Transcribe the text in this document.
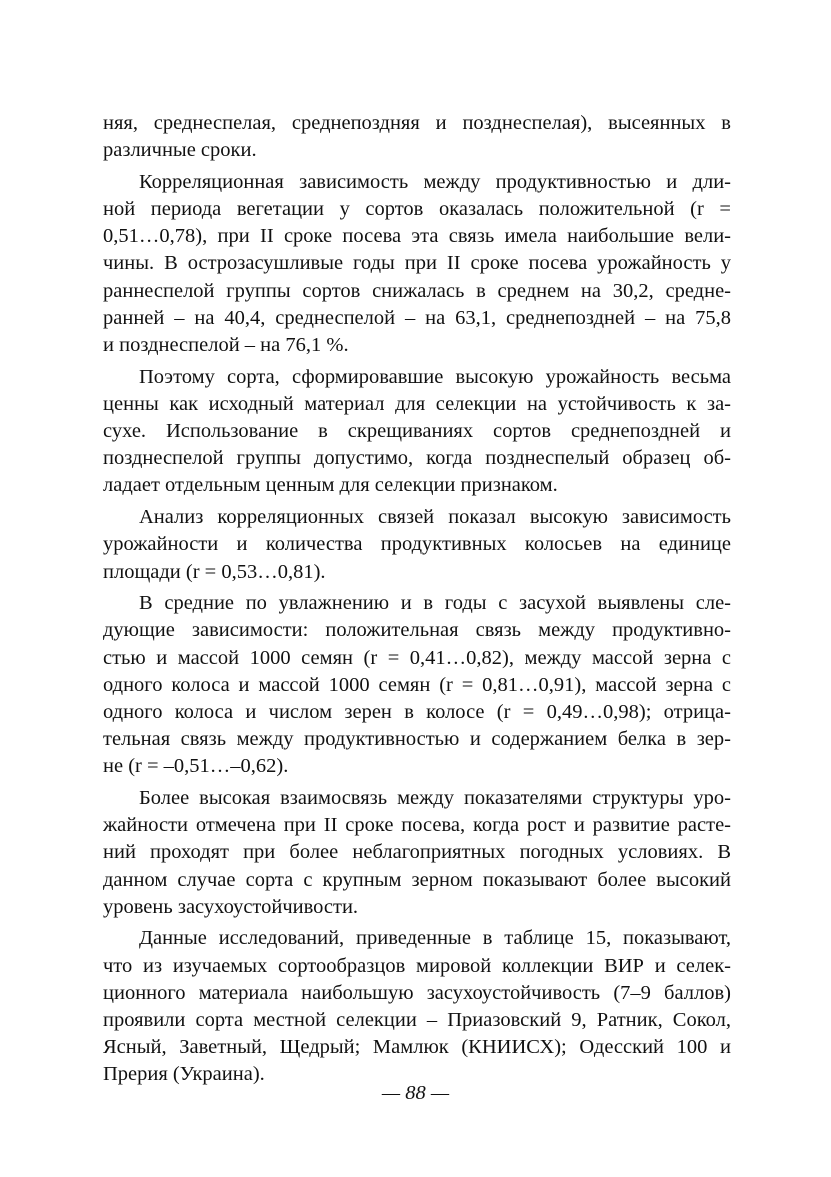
няя, среднеспелая, среднепоздняя и позднеспелая), высеянных в
различные сроки.
Корреляционная зависимость между продуктивностью и дли-
ной периода вегетации у сортов оказалась положительной (r =
0,51…0,78), при II сроке посева эта связь имела наибольшие вели-
чины. В острозасушливые годы при II сроке посева урожайность у
раннеспелой группы сортов снижалась в среднем на 30,2, средне-
ранней – на 40,4, среднеспелой – на 63,1, среднепоздней – на 75,8
и позднеспелой – на 76,1 %.
Поэтому сорта, сформировавшие высокую урожайность весьма
ценны как исходный материал для селекции на устойчивость к за-
сухе. Использование в скрещиваниях сортов среднепоздней и
позднеспелой группы допустимо, когда позднеспелый образец об-
ладает отдельным ценным для селекции признаком.
Анализ корреляционных связей показал высокую зависимость
урожайности и количества продуктивных колосьев на единице
площади (r = 0,53…0,81).
В средние по увлажнению и в годы с засухой выявлены сле-
дующие зависимости: положительная связь между продуктивно-
стью и массой 1000 семян (r = 0,41…0,82), между массой зерна с
одного колоса и массой 1000 семян (r = 0,81…0,91), массой зерна с
одного колоса и числом зерен в колосе (r = 0,49…0,98); отрица-
тельная связь между продуктивностью и содержанием белка в зер-
не (r = –0,51…–0,62).
Более высокая взаимосвязь между показателями структуры уро-
жайности отмечена при II сроке посева, когда рост и развитие расте-
ний проходят при более неблагоприятных погодных условиях. В
данном случае сорта с крупным зерном показывают более высокий
уровень засухоустойчивости.
Данные исследований, приведенные в таблице 15, показывают,
что из изучаемых сортообразцов мировой коллекции ВИР и селек-
ционного материала наибольшую засухоустойчивость (7–9 баллов)
проявили сорта местной селекции – Приазовский 9, Ратник, Сокол,
Ясный, Заветный, Щедрый; Мамлюк (КНИИСХ); Одесский 100 и
Прерия (Украина).
— 88 —
